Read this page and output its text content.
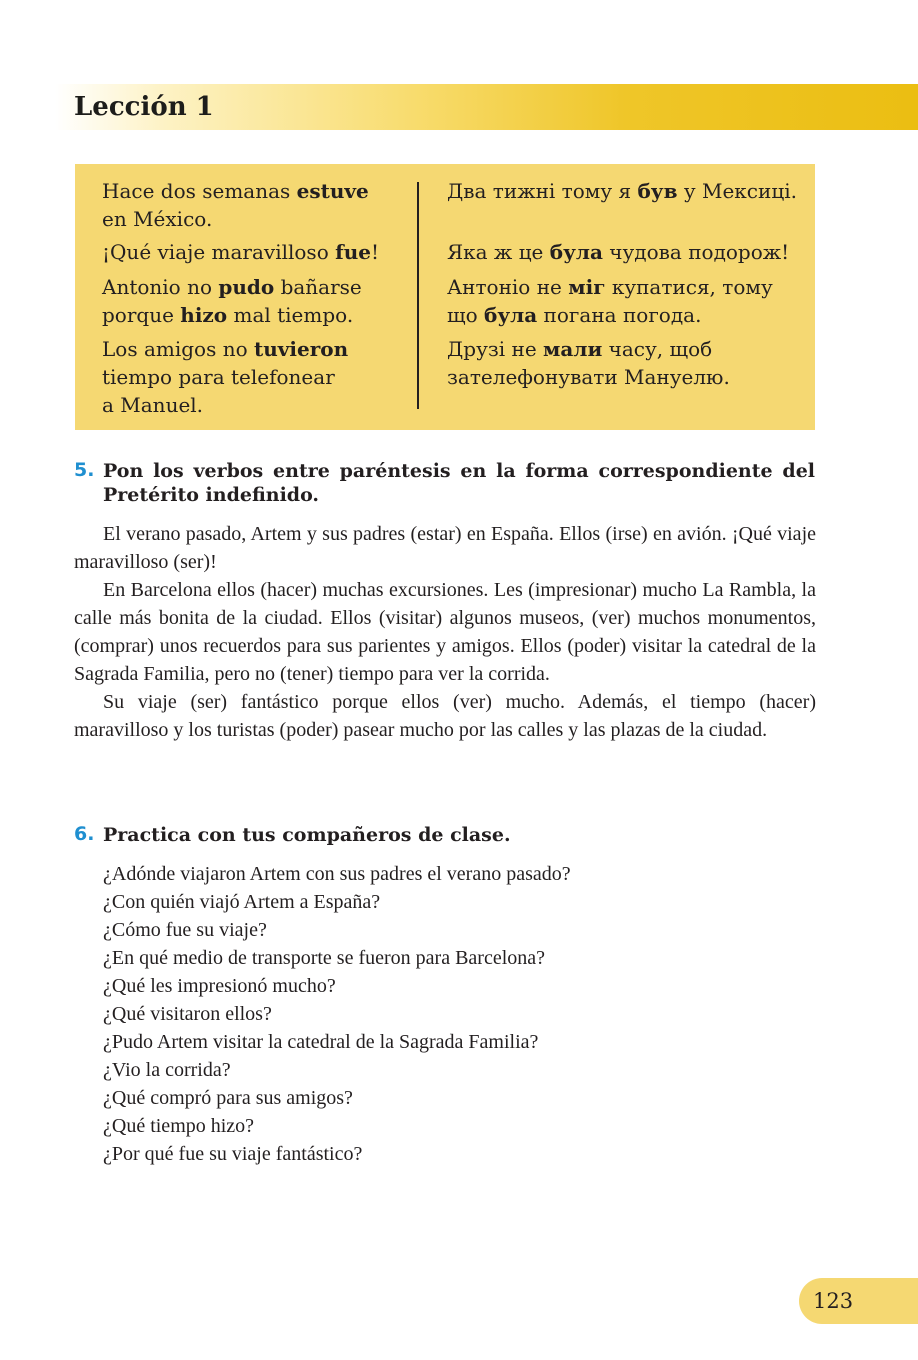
Lección 1
Hace dos semanas estuve
en México.
¡Qué viaje maravilloso fue!
Antonio no pudo bañarse
porque hizo mal tiempo.
Los amigos no tuvieron
tiempo para telefonear
a Manuel.
Два тижні тому я був у Мексиці.
Яка ж це була чудова подорож!
Антоніо не міг купатися, тому
що була погана погода.
Друзі не мали часу, щоб
зателефонувати Мануелю.
5. Pon los verbos entre paréntesis en la forma correspondiente del Pretérito indefinido.

El verano pasado, Artem y sus padres (estar) en España. Ellos (irse) en avión. ¡Qué viaje maravilloso (ser)!

En Barcelona ellos (hacer) muchas excursiones. Les (impresionar) mucho La Rambla, la calle más bonita de la ciudad. Ellos (visitar) algunos museos, (ver) muchos monumentos, (comprar) unos recuerdos para sus parientes y amigos. Ellos (poder) visitar la catedral de la Sagrada Familia, pero no (tener) tiempo para ver la corrida.

Su viaje (ser) fantástico porque ellos (ver) mucho. Además, el tiempo (hacer) maravilloso y los turistas (poder) pasear mucho por las calles y las plazas de la ciudad.

6. Practica con tus compañeros de clase.
¿Adónde viajaron Artem con sus padres el verano pasado?
¿Con quién viajó Artem a España?
¿Cómo fue su viaje?
¿En qué medio de transporte se fueron para Barcelona?
¿Qué les impresionó mucho?
¿Qué visitaron ellos?
¿Pudo Artem visitar la catedral de la Sagrada Familia?
¿Vio la corrida?
¿Qué compró para sus amigos?
¿Qué tiempo hizo?
¿Por qué fue su viaje fantástico?
123
